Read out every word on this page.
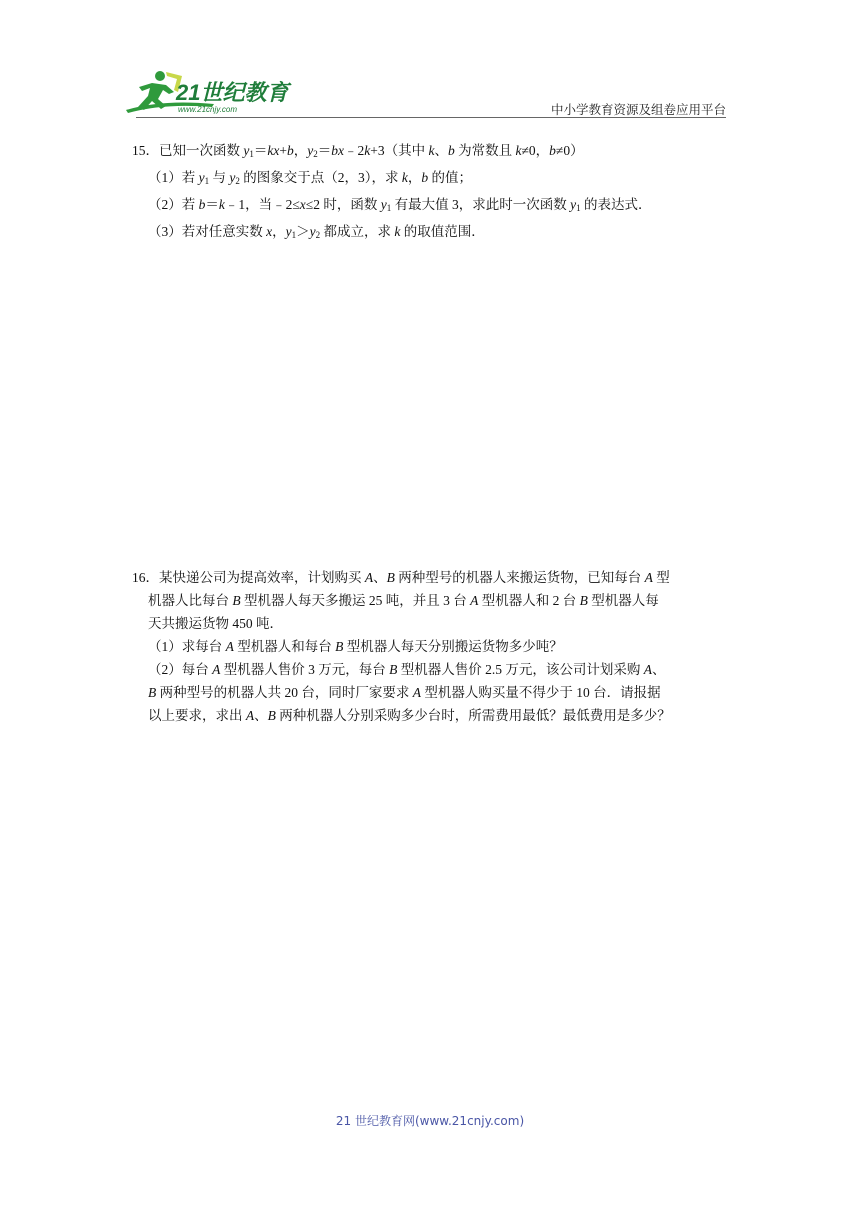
21世纪教育
www.21cnjy.com	中小学教育资源及组卷应用平台

15．已知一次函数 $y_1=kx+b$，$y_2=bx﹣2k+3$（其中 k、b 为常数且 k≠0，b≠0）

（1）若 $y_1$ 与 $y_2$ 的图象交于点（2，3），求 k，b 的值；

（2）若 b＝k﹣1，当﹣2≤x≤2 时，函数 $y_1$ 有最大值 3，求此时一次函数 $y_1$ 的表达式．

（3）若对任意实数 x，$y_1>y_2$ 都成立，求 k 的取值范围．

16．某快递公司为提高效率，计划购买 A、B 两种型号的机器人来搬运货物，已知每台 A 型

机器人比每台 B 型机器人每天多搬运 25 吨，并且 3 台 A 型机器人和 2 台 B 型机器人每

天共搬运货物 450 吨．

（1）求每台 A 型机器人和每台 B 型机器人每天分别搬运货物多少吨？

（2）每台 A 型机器人售价 3 万元，每台 B 型机器人售价 2.5 万元，该公司计划采购 A、

B 两种型号的机器人共 20 台，同时厂家要求 A 型机器人购买量不得少于 10 台．请报据

以上要求，求出 A、B 两种机器人分别采购多少台时，所需费用最低？最低费用是多少？

21 世纪教育网(www.21cnjy.com)
